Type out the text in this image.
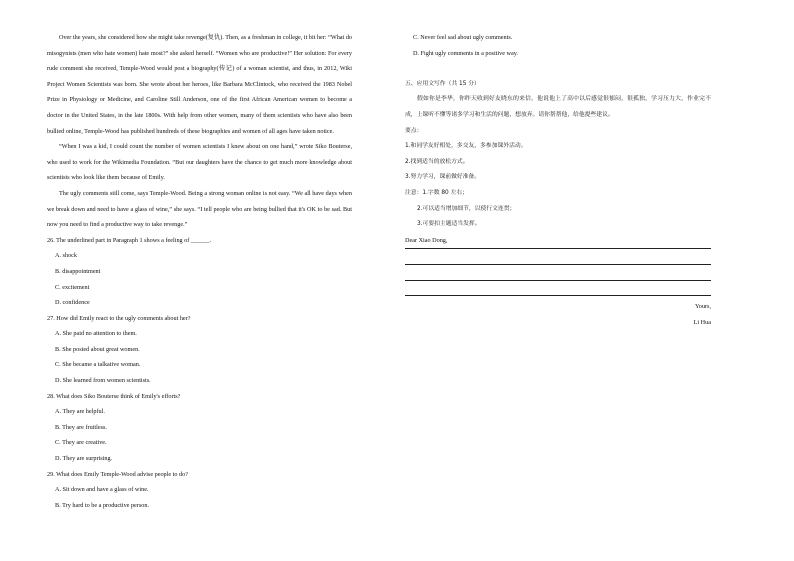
Over the years, she considered how she might take revenge(复仇). Then, as a freshman in college, it bit her: “What do misogynists (men who hate women) hate most?” she asked herself. “Women who are productive!” Her solution: For every rude comment she received, Temple-Wood would post a biography(传记) of a woman scientist, and thus, in 2012, Wiki Project Women Scientists was born. She wrote about her heroes, like Barbara McClintock, who received the 1983 Nobel Prize in Physiology or Medicine, and Caroline Still Anderson, one of the first African American women to become a doctor in the United States, in the late 1800s. With help from other women, many of them scientists who have also been bullied online, Temple-Wood has published hundreds of these biographies and women of all ages have taken notice.

“When I was a kid, I could count the number of women scientists I knew about on one hand,” wrote Siko Bouterse, who used to work for the Wikimedia Foundation. “But our daughters have the chance to get much more knowledge about scientists who look like them because of Emily.

The ugly comments still come, says Temple-Wood. Being a strong woman online is not easy. “We all have days when we break down and need to have a glass of wine,” she says. “I tell people who are being bullied that it's OK to be sad. But now you need to find a productive way to take revenge.”

26. The underlined part in Paragraph 1 shows a feeling of ______.

A. shock

B. disappointment

C. excitement

D. confidence

27. How did Emily react to the ugly comments about her?

A. She paid no attention to them.

B. She posted about great women.

C. She became a talkative woman.

D. She learned from women scientists.

28. What does Siko Bouterse think of Emily's efforts?

A. They are helpful.

B. They are fruitless.

C. They are creative.

D. They are surprising.

29. What does Emily Temple-Wood advise people to do?

A. Sit down and have a glass of wine.

B. Try hard to be a productive person.

C. Never feel sad about ugly comments.

D. Fight ugly comments in a positive way.

五、应用文写作（共 15 分）

假如你是李华，你昨天收到好友晓东的来信，他说他上了高中以后感觉很郁闷，很孤独，学习压力大，作业完不成，上课听不懂等诸多学习和生活的问题，想放弃。请你帮帮他，给他提些建议。

要点：

1.和同学友好相处，多交友，多参加课外活动。

2.找到适当的放松方式。

3.努力学习，课前做好准备。

注意：1.字数 80 左右；

2.可以适当增加细节，以使行文连贯；

3.可要扣主题适当发挥。

Dear Xiao Dong,

Yours,

Li Hua
